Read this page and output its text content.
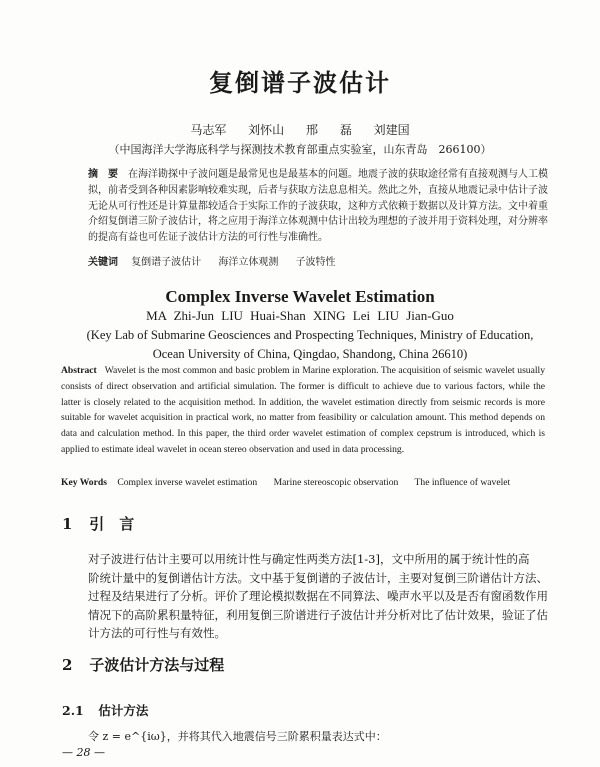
复倒谱子波估计
马志军 刘怀山 邢 磊 刘建国
（中国海洋大学海底科学与探测技术教育部重点实验室，山东青岛　266100）
摘　要 在海洋勘探中子波问题是最常见也是最基本的问题。地震子波的获取途径常有直接观测与人工模拟，前者受到各种因素影响较难实现，后者与获取方法息息相关。然此之外，直接从地震记录中估计子波无论从可行性还是计算量都较适合于实际工作的子波获取，这种方式依赖于数据以及计算方法。文中着重介绍复倒谱三阶子波估计，将之应用于海洋立体观测中估计出较为理想的子波并用于资料处理，对分辨率的提高有益也可佐证子波估计方法的可行性与准确性。
关键词 复倒谱子波估计 海洋立体观测 子波特性
Complex Inverse Wavelet Estimation
MA Zhi-Jun LIU Huai-Shan XING Lei LIU Jian-Guo
(Key Lab of Submarine Geosciences and Prospecting Techniques, Ministry of Education,
Ocean University of China, Qingdao, Shandong, China 26610)
Abstract Wavelet is the most common and basic problem in Marine exploration. The acquisition of seismic wavelet usually consists of direct observation and artificial simulation. The former is difficult to achieve due to various factors, while the latter is closely related to the acquisition method. In addition, the wavelet estimation directly from seismic records is more suitable for wavelet acquisition in practical work, no matter from feasibility or calculation amount. This method depends on data and calculation method. In this paper, the third order wavelet estimation of complex cepstrum is introduced, which is applied to estimate ideal wavelet in ocean stereo observation and used in data processing.
Key Words Complex inverse wavelet estimation Marine stereoscopic observation The influence of wavelet
1 引　言
对子波进行估计主要可以用统计性与确定性两类方法[1-3]，文中所用的属于统计性的高
阶统计量中的复倒谱估计方法。文中基于复倒谱的子波估计，主要对复倒三阶谱估计方法、
过程及结果进行了分析。评价了理论模拟数据在不同算法、噪声水平以及是否有窗函数作用
情况下的高阶累积量特征，利用复倒三阶谱进行子波估计并分析对比了估计效果，验证了估
计方法的可行性与有效性。
2 子波估计方法与过程
2.1 估计方法
令 z = e^{iω}，并将其代入地震信号三阶累积量表达式中：
— 28 —
